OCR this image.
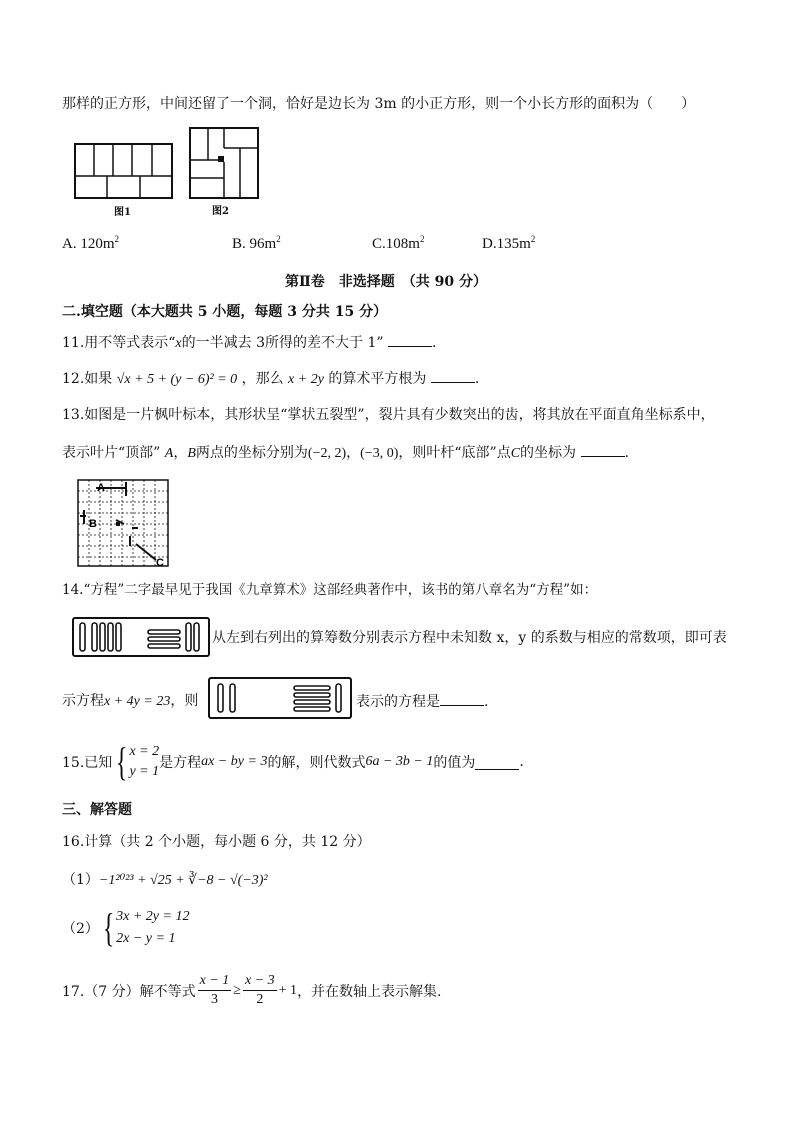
那样的正方形，中间还留了一个洞，恰好是边长为 3m 的小正方形，则一个小长方形的面积为（　　）
图1	图2
A. $120m^2$	B. $96m^2$	$C.108m^2$	$D.135m^2$
第Ⅱ卷　非选择题　（共 90 分）
二.填空题（本大题共 5 小题，每题 3 分共 15 分）
11.用不等式表示“x的一半减去 3所得的差不大于 1”	.
12.如果 √x + 5 + (y − 6)² = 0 ，那么 x + 2y 的算术平方根为	.
13.如图是一片枫叶标本，其形状呈“掌状五裂型”，裂片具有少数突出的齿，将其放在平面直角坐标系中，
表示叶片“顶部” A，B两点的坐标分别为(−2, 2)，(−3, 0)，则叶杆“底部”点C的坐标为	.
A
B
C
14.“方程”二字最早见于我国《九章算术》这部经典著作中，该书的第八章名为“方程”如：
从左到右列出的算筹数分别表示方程中未知数 x，y 的系数与相应的常数项，即可表
示方程x + 4y = 23，则	表示的方程是	.
15.已知 { x = 2
y = 1
是方程 ax − by = 3 的解，则代数式 6a − 3b − 1 的值为	.
三、解答题
16.计算（共 2 个小题，每小题 6 分，共 12 分）
（1）−1²⁰²³ + √25 + ∛−8 − √(−3)²
（2） { 3x + 2y = 12
2x − y = 1
17.（7 分）解不等式 $\frac{x - 1}{3} \ge \frac{x - 3}{2} + 1$ ，并在数轴上表示解集.
